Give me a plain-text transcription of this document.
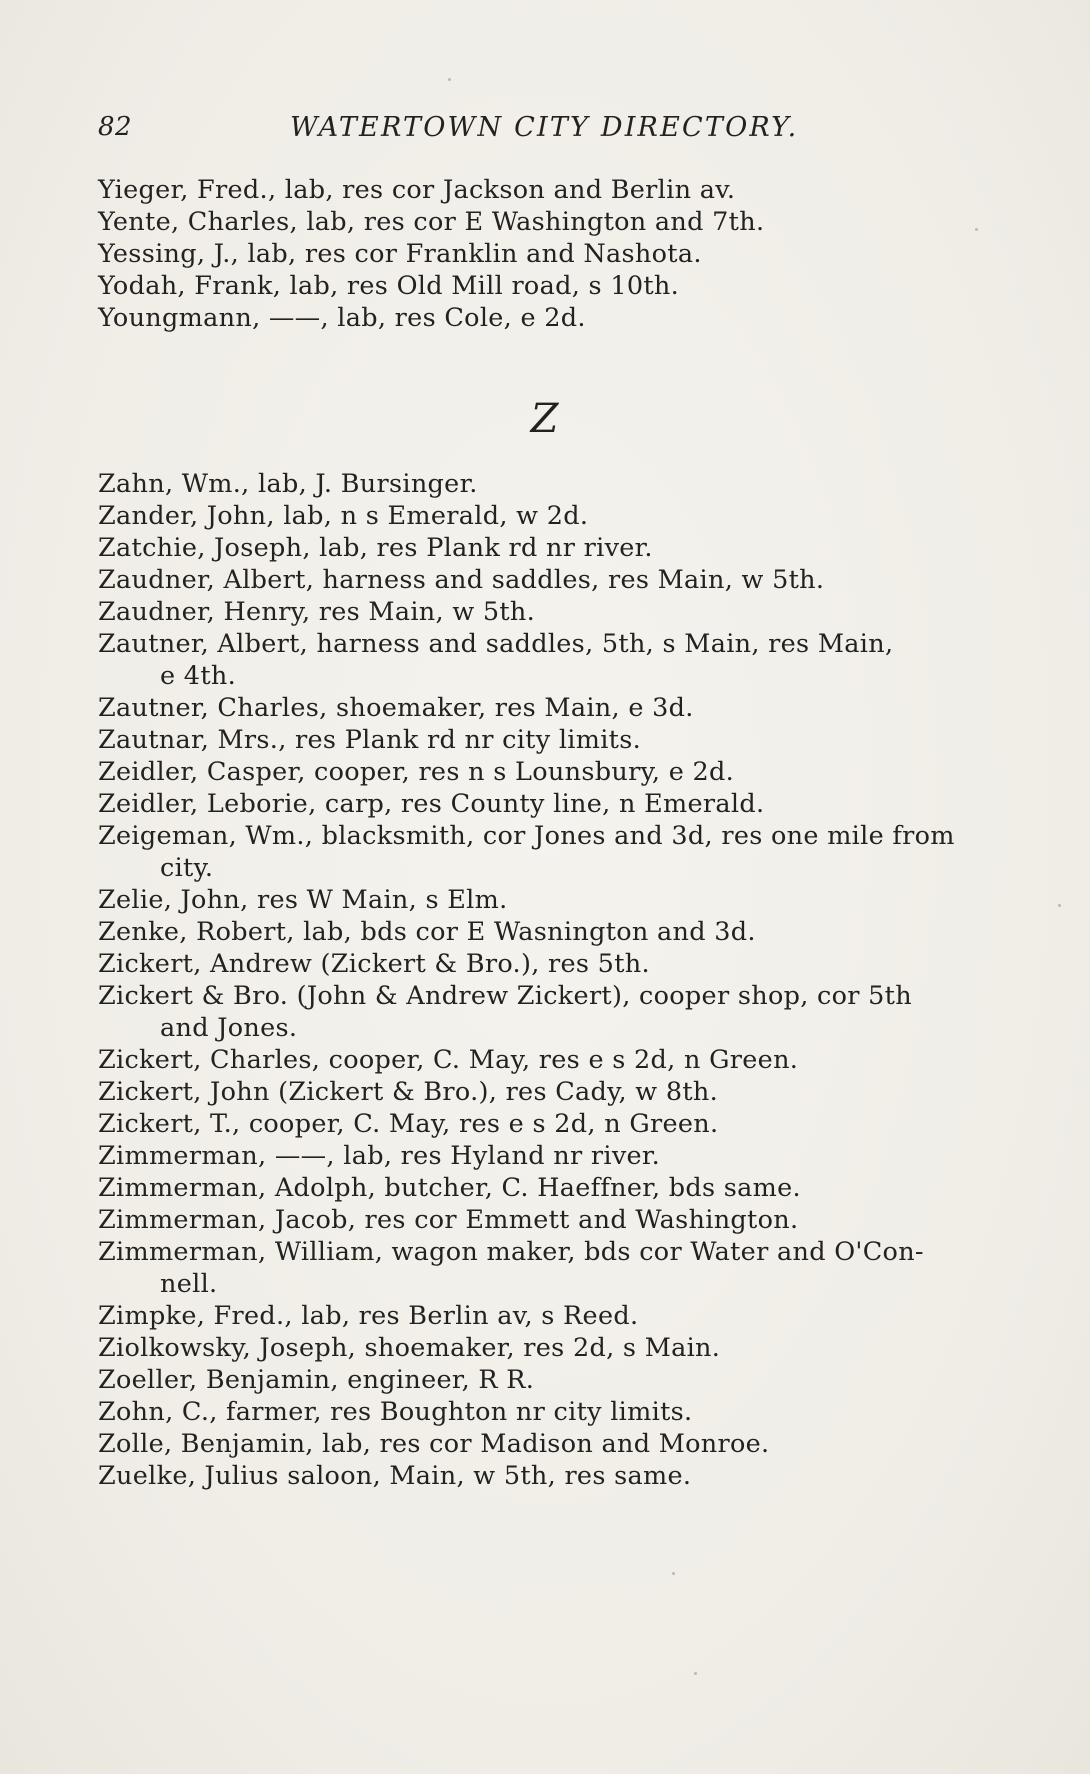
82	WATERTOWN CITY DIRECTORY.
Yieger, Fred., lab, res cor Jackson and Berlin av.
Yente, Charles, lab, res cor E Washington and 7th.
Yessing, J., lab, res cor Franklin and Nashota.
Yodah, Frank, lab, res Old Mill road, s 10th.
Youngmann, ——, lab, res Cole, e 2d.
Z
Zahn, Wm., lab, J. Bursinger.
Zander, John, lab, n s Emerald, w 2d.
Zatchie, Joseph, lab, res Plank rd nr river.
Zaudner, Albert, harness and saddles, res Main, w 5th.
Zaudner, Henry, res Main, w 5th.
Zautner, Albert, harness and saddles, 5th, s Main, res Main,
e 4th.
Zautner, Charles, shoemaker, res Main, e 3d.
Zautnar, Mrs., res Plank rd nr city limits.
Zeidler, Casper, cooper, res n s Lounsbury, e 2d.
Zeidler, Leborie, carp, res County line, n Emerald.
Zeigeman, Wm., blacksmith, cor Jones and 3d, res one mile from
city.
Zelie, John, res W Main, s Elm.
Zenke, Robert, lab, bds cor E Wasnington and 3d.
Zickert, Andrew (Zickert & Bro.), res 5th.
Zickert & Bro. (John & Andrew Zickert), cooper shop, cor 5th
and Jones.
Zickert, Charles, cooper, C. May, res e s 2d, n Green.
Zickert, John (Zickert & Bro.), res Cady, w 8th.
Zickert, T., cooper, C. May, res e s 2d, n Green.
Zimmerman, ——, lab, res Hyland nr river.
Zimmerman, Adolph, butcher, C. Haeffner, bds same.
Zimmerman, Jacob, res cor Emmett and Washington.
Zimmerman, William, wagon maker, bds cor Water and O'Con-
nell.
Zimpke, Fred., lab, res Berlin av, s Reed.
Ziolkowsky, Joseph, shoemaker, res 2d, s Main.
Zoeller, Benjamin, engineer, R R.
Zohn, C., farmer, res Boughton nr city limits.
Zolle, Benjamin, lab, res cor Madison and Monroe.
Zuelke, Julius saloon, Main, w 5th, res same.
